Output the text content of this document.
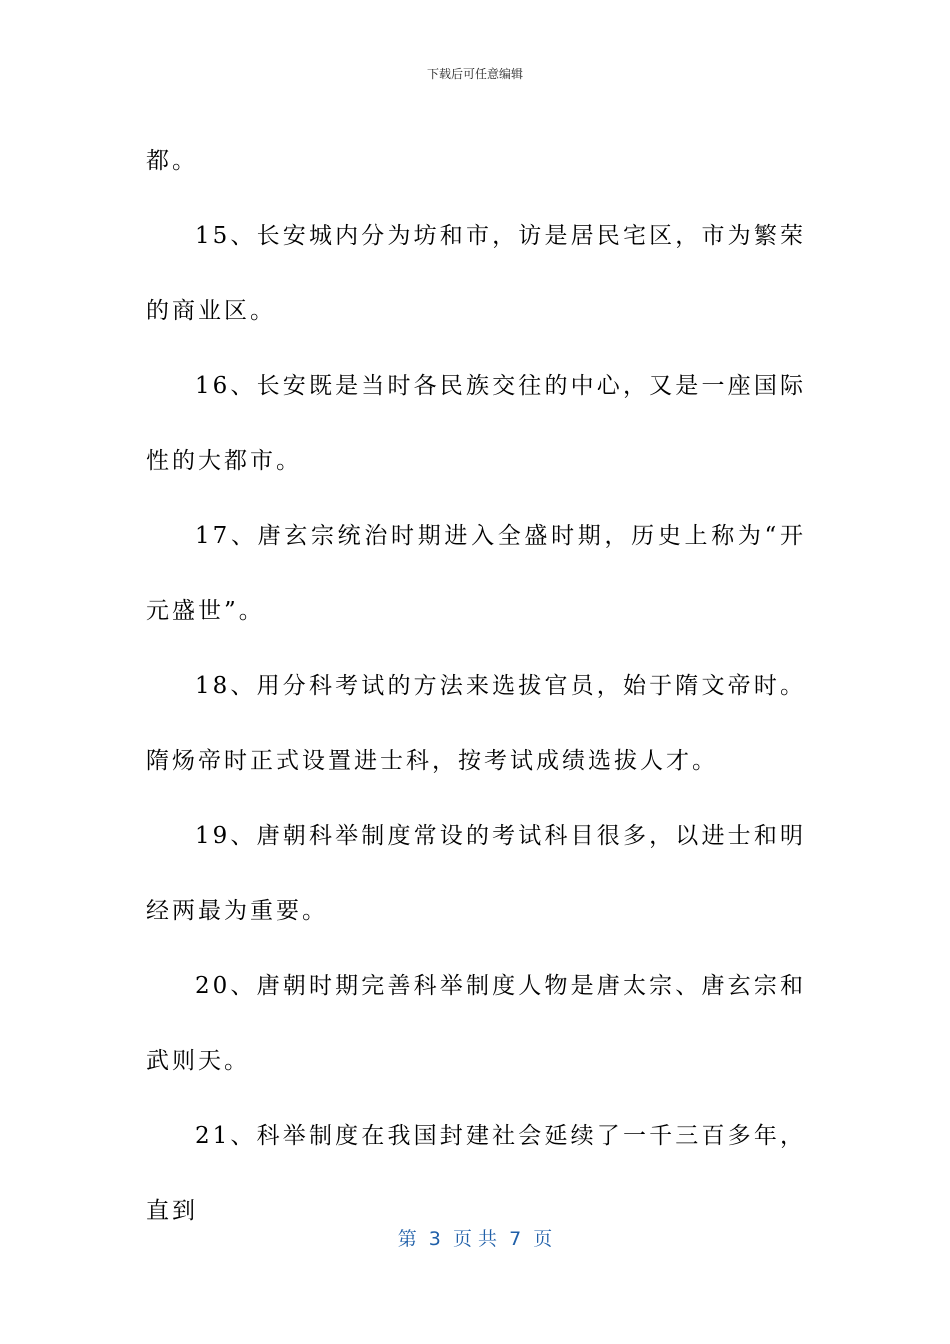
下载后可任意编辑

都。

15、长安城内分为坊和市，访是居民宅区，市为繁荣的商业区。

16、长安既是当时各民族交往的中心，又是一座国际性的大都市。

17、唐玄宗统治时期进入全盛时期，历史上称为“开元盛世”。

18、用分科考试的方法来选拔官员，始于隋文帝时。隋炀帝时正式设置进士科，按考试成绩选拔人才。

19、唐朝科举制度常设的考试科目很多，以进士和明经两最为重要。

20、唐朝时期完善科举制度人物是唐太宗、唐玄宗和武则天。

21、科举制度在我国封建社会延续了一千三百多年，直到

第  3  页 共  7  页
